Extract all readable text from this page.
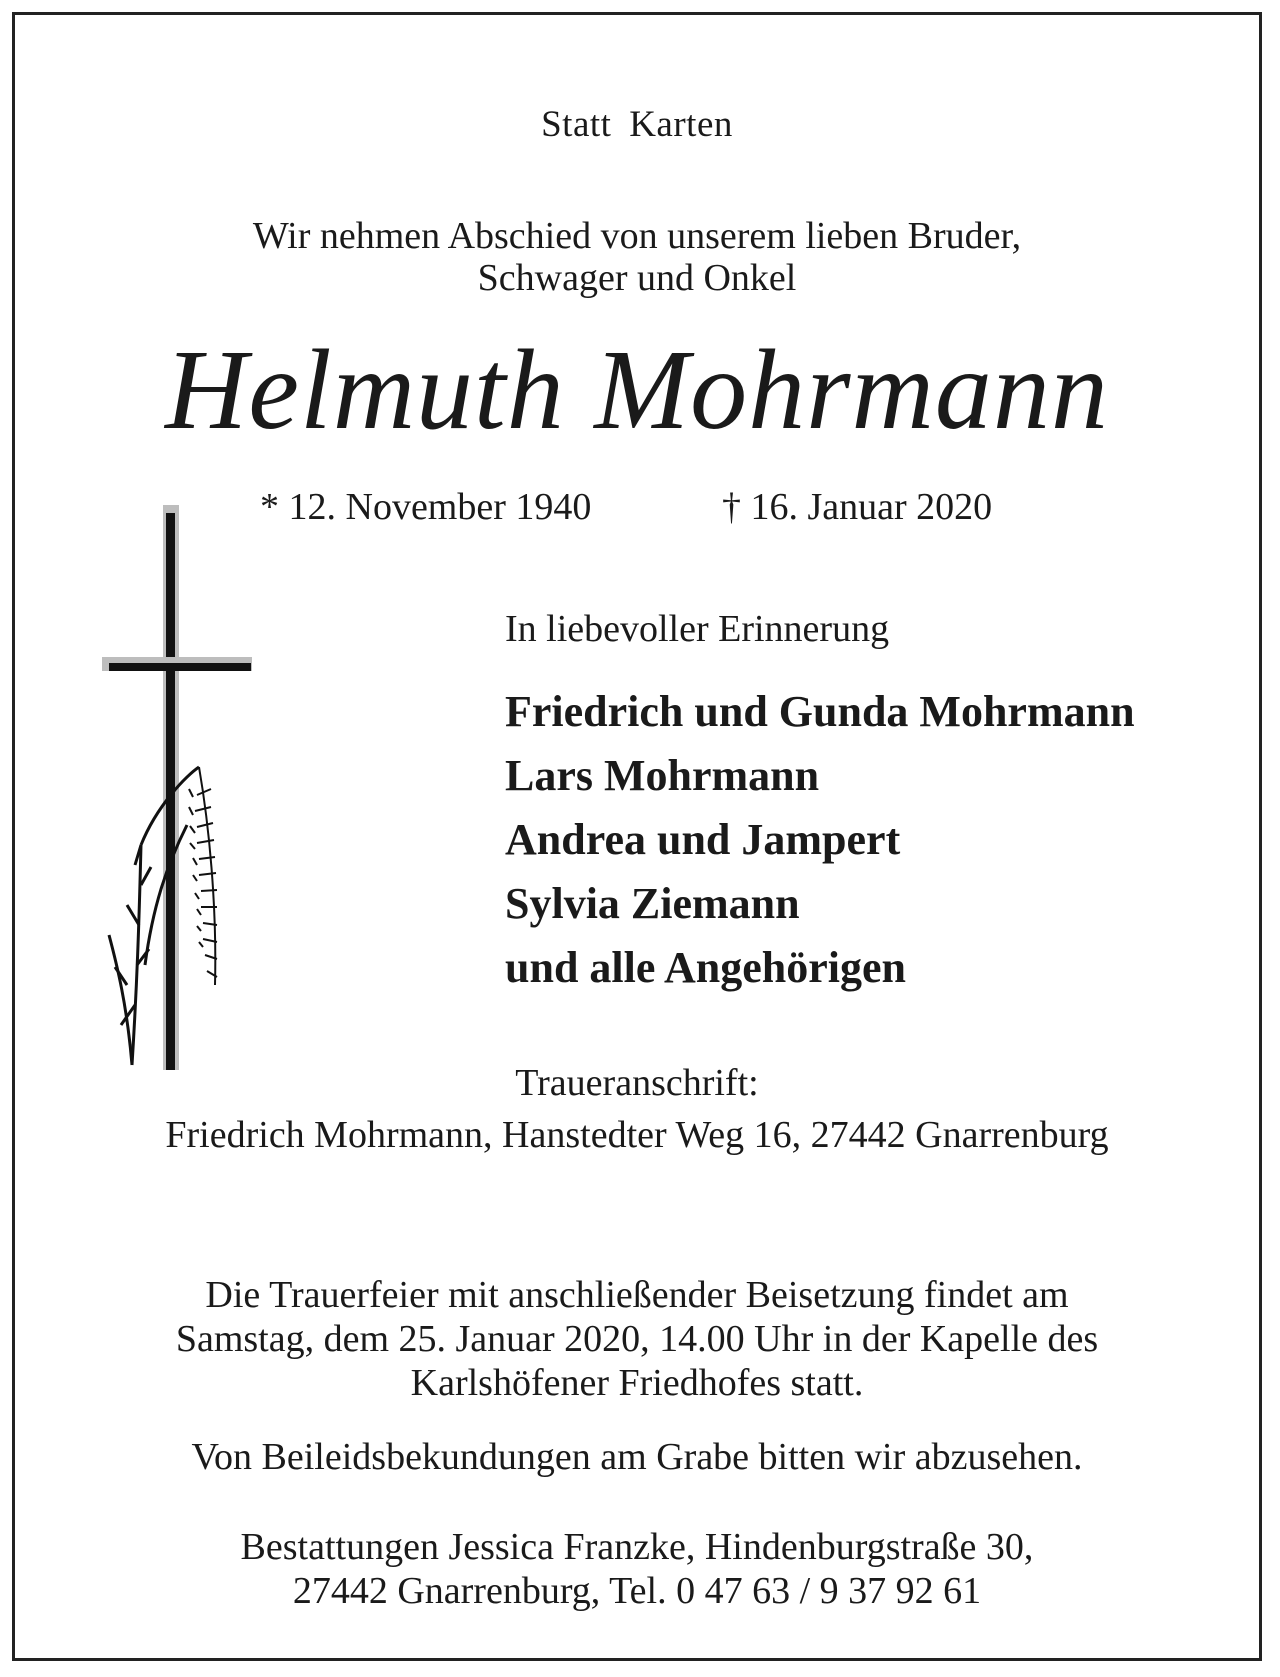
Statt Karten

Wir nehmen Abschied von unserem lieben Bruder,
Schwager und Onkel
Helmuth Mohrmann
* 12. November 1940	† 16. Januar 2020
In liebevoller Erinnerung
Friedrich und Gunda Mohrmann
Lars Mohrmann
Andrea und Jampert
Sylvia Ziemann
und alle Angehörigen
Traueranschrift:
Friedrich Mohrmann, Hanstedter Weg 16, 27442 Gnarrenburg
Die Trauerfeier mit anschließender Beisetzung findet am
Samstag, dem 25. Januar 2020, 14.00 Uhr in der Kapelle des
Karlshöfener Friedhofes statt.
Von Beileidsbekundungen am Grabe bitten wir abzusehen.
Bestattungen Jessica Franzke, Hindenburgstraße 30,
27442 Gnarrenburg, Tel. 0 47 63 / 9 37 92 61
